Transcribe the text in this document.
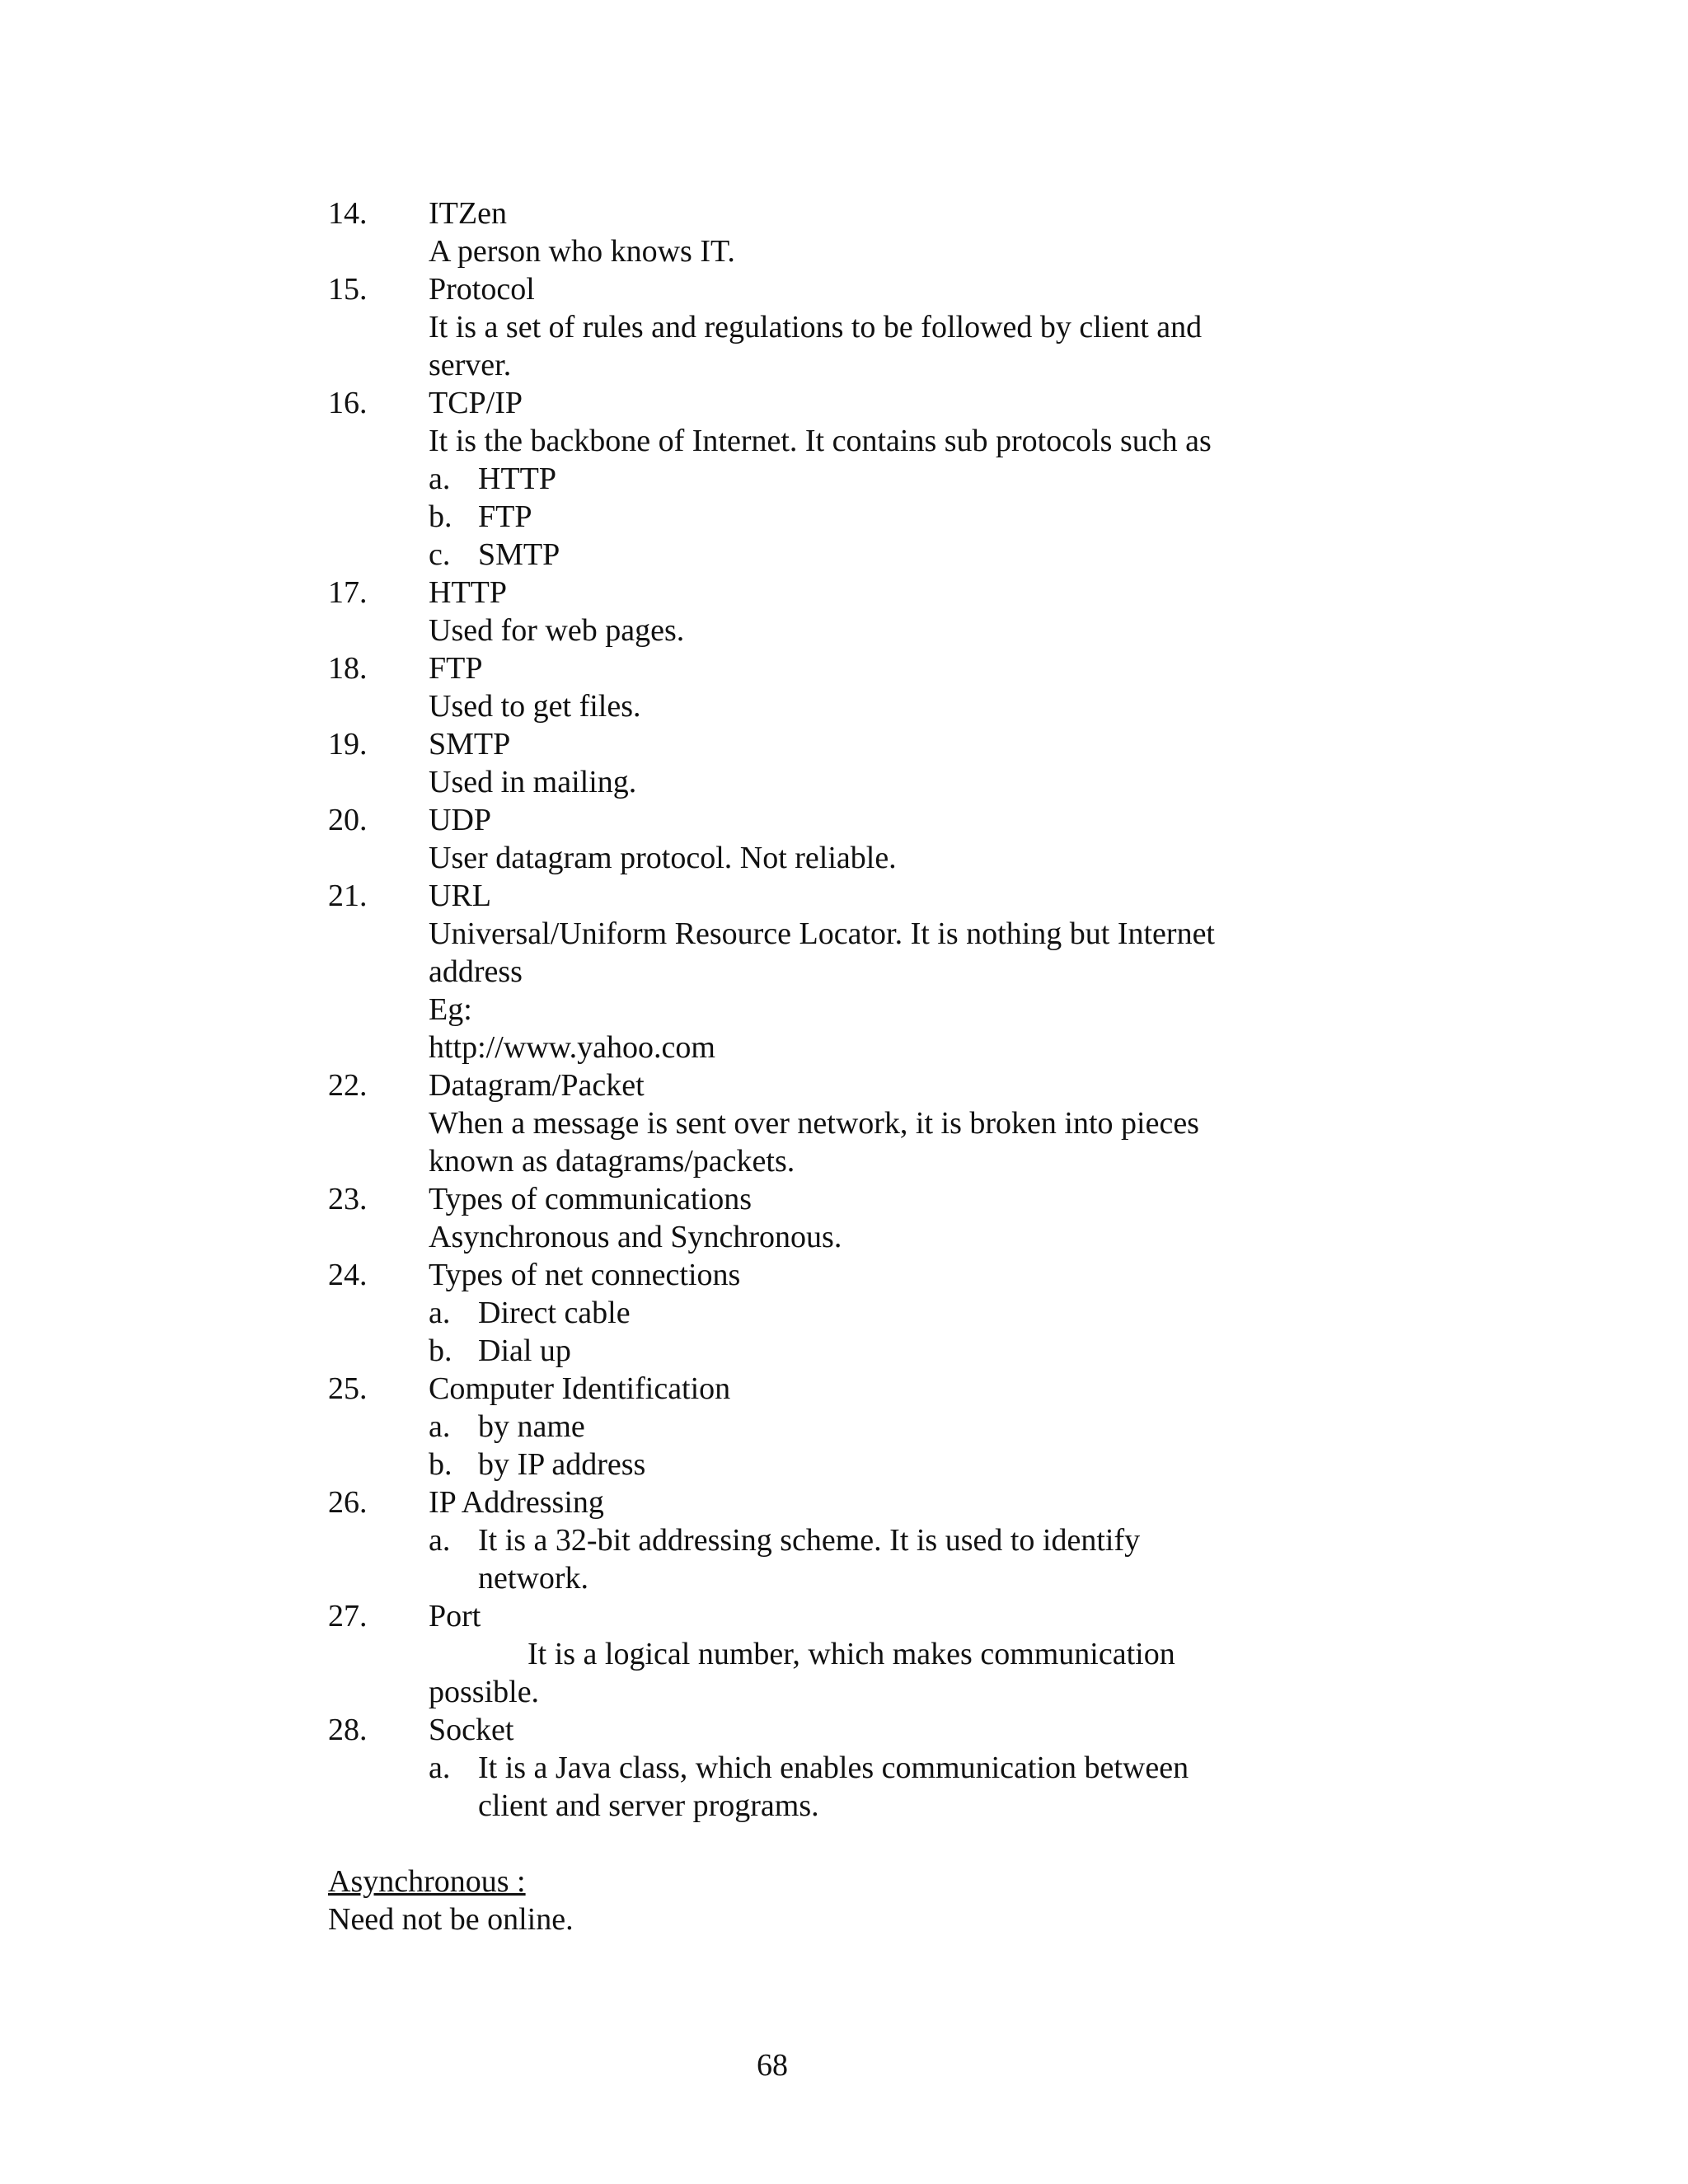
14. ITZen
A person who knows IT.
15. Protocol
It is a set of rules and regulations to be followed by client and
server.
16. TCP/IP
It is the backbone of Internet. It contains sub protocols such as
a. HTTP
b. FTP
c. SMTP
17. HTTP
Used for web pages.
18. FTP
Used to get files.
19. SMTP
Used in mailing.
20. UDP
User datagram protocol. Not reliable.
21. URL
Universal/Uniform Resource Locator. It is nothing but Internet
address
Eg:
http://www.yahoo.com
22. Datagram/Packet
When a message is sent over network, it is broken into pieces
known as datagrams/packets.
23. Types of communications
Asynchronous and Synchronous.
24. Types of net connections
a. Direct cable
b. Dial up
25. Computer Identification
a. by name
b. by IP address
26. IP Addressing
a. It is a 32-bit addressing scheme. It is used to identify
network.
27. Port
It is a logical number, which makes communication
possible.
28. Socket
a. It is a Java class, which enables communication between
client and server programs.
Asynchronous :
Need not be online.
68
